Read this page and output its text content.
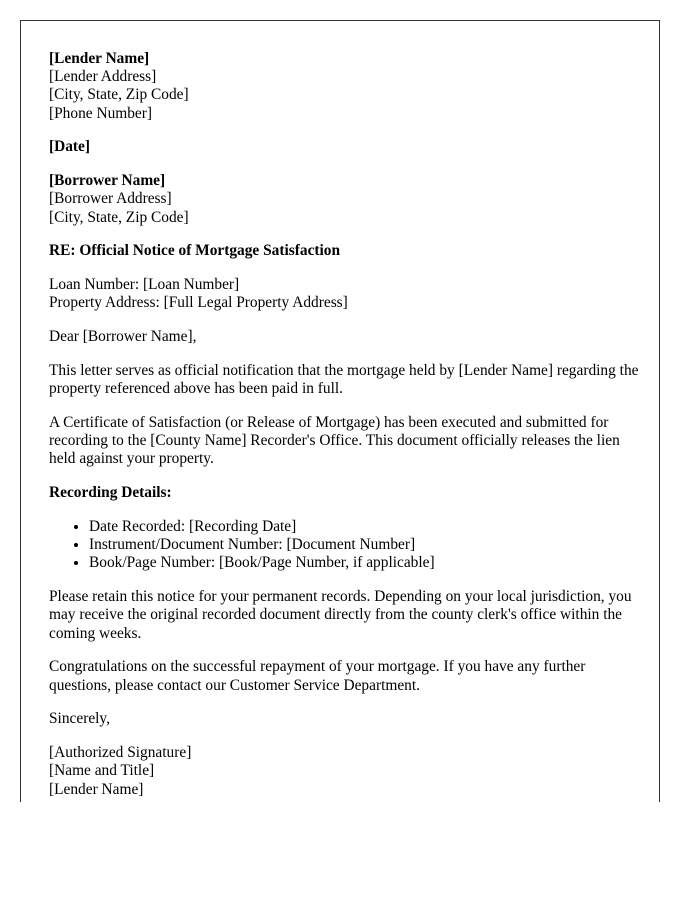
[Lender Name]
[Lender Address]
[City, State, Zip Code]
[Phone Number]
[Date]
[Borrower Name]
[Borrower Address]
[City, State, Zip Code]
RE: Official Notice of Mortgage Satisfaction
Loan Number: [Loan Number]
Property Address: [Full Legal Property Address]

Dear [Borrower Name],

This letter serves as official notification that the mortgage held by [Lender Name] regarding the property referenced above has been paid in full.

A Certificate of Satisfaction (or Release of Mortgage) has been executed and submitted for recording to the [County Name] Recorder's Office. This document officially releases the lien held against your property.

Recording Details:

• Date Recorded: [Recording Date]
• Instrument/Document Number: [Document Number]
• Book/Page Number: [Book/Page Number, if applicable]

Please retain this notice for your permanent records. Depending on your local jurisdiction, you may receive the original recorded document directly from the county clerk's office within the coming weeks.

Congratulations on the successful repayment of your mortgage. If you have any further questions, please contact our Customer Service Department.

Sincerely,

[Authorized Signature]
[Name and Title]
[Lender Name]
